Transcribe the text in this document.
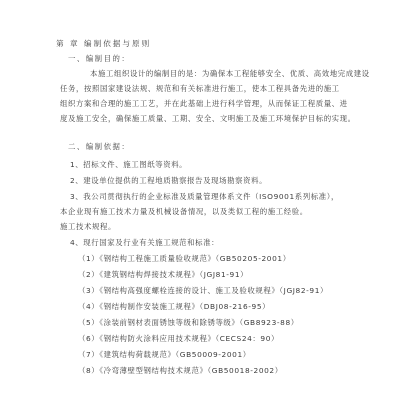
第 章 编制依据与原则
一、编制目的：
本施工组织设计的编制目的是：为确保本工程能够安全、优质、高效地完成建设
任务，按照国家建设法规、规范和有关标准进行施工，使本工程具备先进的施工
组织方案和合理的施工工艺，并在此基础上进行科学管理，从而保证工程质量、进
度及施工安全，确保施工质量、工期、安全、文明施工及施工环境保护目标的实现。
二、编制依据：
1、招标文件、施工图纸等资料。
2、建设单位提供的工程地质勘察报告及现场勘察资料。
3、我公司贯彻执行的企业标准及质量管理体系文件（ISO9001系列标准），
本企业现有施工技术力量及机械设备情况，以及类似工程的施工经验。
施工技术规程。
4、现行国家及行业有关施工规范和标准：
（1）《钢结构工程施工质量验收规范》（GB50205-2001）
（2）《建筑钢结构焊接技术规程》（JGJ81-91）
（3）《钢结构高强度螺栓连接的设计、施工及验收规程》（JGJ82-91）
（4）《钢结构制作安装施工规程》（DBJ08-216-95）
（5）《涂装前钢材表面锈蚀等级和除锈等级》（GB8923-88）
（6）《钢结构防火涂料应用技术规程》（CECS24：90）
（7）《建筑结构荷载规范》（GB50009-2001）
（8）《冷弯薄壁型钢结构技术规范》（GB50018-2002）
